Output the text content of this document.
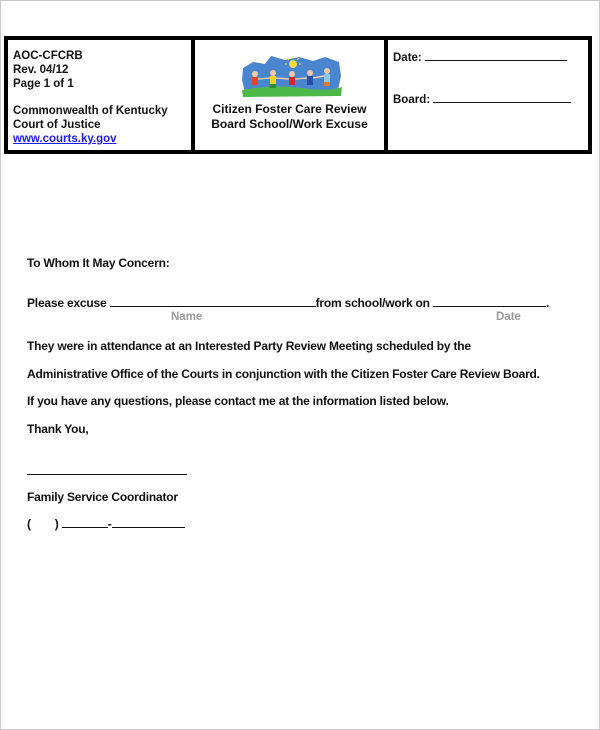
AOC-CFCRB
Rev. 04/12
Page 1 of 1
Commonwealth of Kentucky
Court of Justice
www.courts.ky.gov
Citizen Foster Care Review
Board School/Work Excuse
Date:
Board:
To Whom It May Concern:
Please excuse	from school/work on	.
Name	Date
They were in attendance at an Interested Party Review Meeting scheduled by the
Administrative Office of the Courts in conjunction with the Citizen Foster Care Review Board.
If you have any questions, please contact me at the information listed below.
Thank You,
Family Service Coordinator
( )	-
